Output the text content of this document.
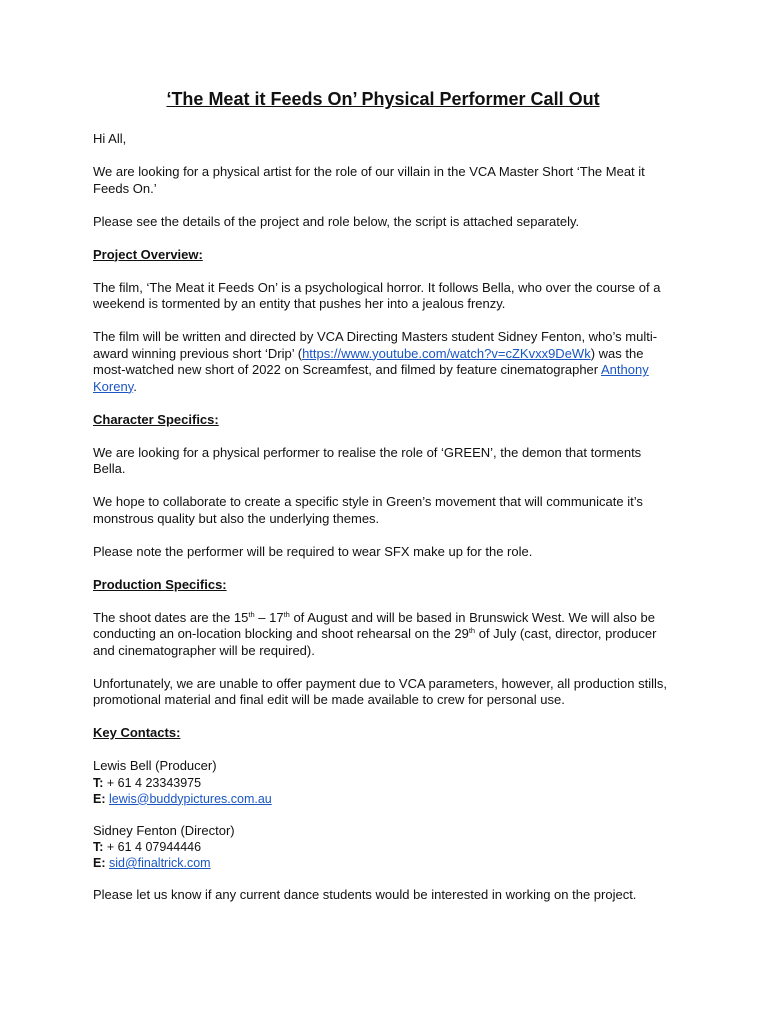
‘The Meat it Feeds On’ Physical Performer Call Out

Hi All,

We are looking for a physical artist for the role of our villain in the VCA Master Short ‘The Meat it Feeds On.’

Please see the details of the project and role below, the script is attached separately.

Project Overview:

The film, ‘The Meat it Feeds On’ is a psychological horror. It follows Bella, who over the course of a weekend is tormented by an entity that pushes her into a jealous frenzy.

The film will be written and directed by VCA Directing Masters student Sidney Fenton, who’s multi-award winning previous short ‘Drip’ (https://www.youtube.com/watch?v=cZKvxx9DeWk) was the most-watched new short of 2022 on Screamfest, and filmed by feature cinematographer Anthony Koreny.

Character Specifics:

We are looking for a physical performer to realise the role of ‘GREEN’, the demon that torments Bella.

We hope to collaborate to create a specific style in Green’s movement that will communicate it’s monstrous quality but also the underlying themes.

Please note the performer will be required to wear SFX make up for the role.

Production Specifics:

The shoot dates are the 15th – 17th of August and will be based in Brunswick West. We will also be conducting an on-location blocking and shoot rehearsal on the 29th of July (cast, director, producer and cinematographer will be required).

Unfortunately, we are unable to offer payment due to VCA parameters, however, all production stills, promotional material and final edit will be made available to crew for personal use.

Key Contacts:

Lewis Bell (Producer)
T: + 61 4 23343975
E: lewis@buddypictures.com.au
Sidney Fenton (Director)
T: + 61 4 07944446
E: sid@finaltrick.com

Please let us know if any current dance students would be interested in working on the project.
